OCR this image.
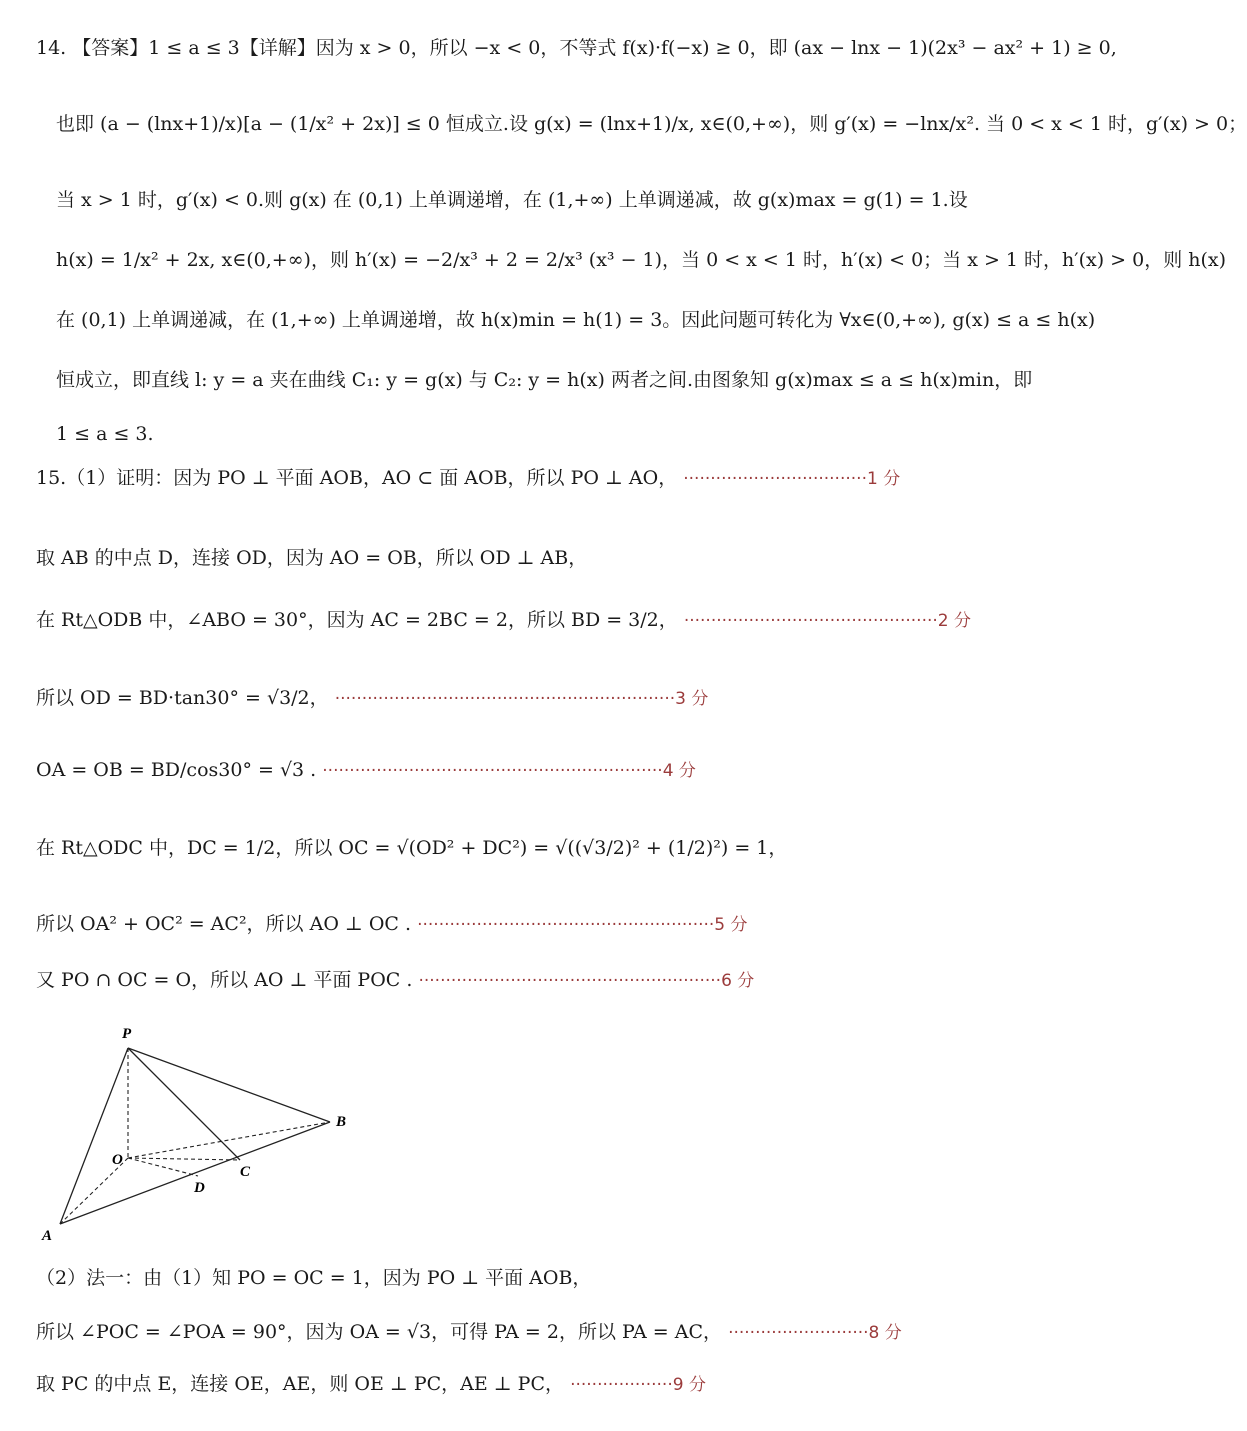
14. 【答案】1 ≤ a ≤ 3【详解】因为 x > 0，所以 −x < 0，不等式 f(x)·f(−x) ≥ 0，即 (ax − lnx − 1)(2x³ − ax² + 1) ≥ 0,
也即 (a − (lnx+1)/x)[a − (1/x² + 2x)] ≤ 0 恒成立.设 g(x) = (lnx+1)/x, x∈(0,+∞)，则 g′(x) = −lnx/x². 当 0 < x < 1 时，g′(x) > 0；
当 x > 1 时，g′(x) < 0.则 g(x) 在 (0,1) 上单调递增，在 (1,+∞) 上单调递减，故 g(x)max = g(1) = 1.设
h(x) = 1/x² + 2x, x∈(0,+∞)，则 h′(x) = −2/x³ + 2 = 2/x³ (x³ − 1)，当 0 < x < 1 时，h′(x) < 0；当 x > 1 时，h′(x) > 0，则 h(x)
在 (0,1) 上单调递减，在 (1,+∞) 上单调递增，故 h(x)min = h(1) = 3。因此问题可转化为 ∀x∈(0,+∞), g(x) ≤ a ≤ h(x)
恒成立，即直线 l: y = a 夹在曲线 C₁: y = g(x) 与 C₂: y = h(x) 两者之间.由图象知 g(x)max ≤ a ≤ h(x)min，即
1 ≤ a ≤ 3.
15.（1）证明：因为 PO ⊥ 平面 AOB，AO ⊂ 面 AOB，所以 PO ⊥ AO， ··································1 分
取 AB 的中点 D，连接 OD，因为 AO = OB，所以 OD ⊥ AB，
在 Rt△ODB 中，∠ABO = 30°，因为 AC = 2BC = 2，所以 BD = 3/2， ···············································2 分
所以 OD = BD·tan30° = √3/2， ·······························································3 分
OA = OB = BD/cos30° = √3 . ·······························································4 分
在 Rt△ODC 中，DC = 1/2，所以 OC = √(OD² + DC²) = √((√3/2)² + (1/2)²) = 1，
所以 OA² + OC² = AC²，所以 AO ⊥ OC . ·······················································5 分
又 PO ∩ OC = O，所以 AO ⊥ 平面 POC . ························································6 分
P
B
O
C
D
A
（2）法一：由（1）知 PO = OC = 1，因为 PO ⊥ 平面 AOB，
所以 ∠POC = ∠POA = 90°，因为 OA = √3，可得 PA = 2，所以 PA = AC， ··························8 分
取 PC 的中点 E，连接 OE，AE，则 OE ⊥ PC，AE ⊥ PC， ···················9 分
